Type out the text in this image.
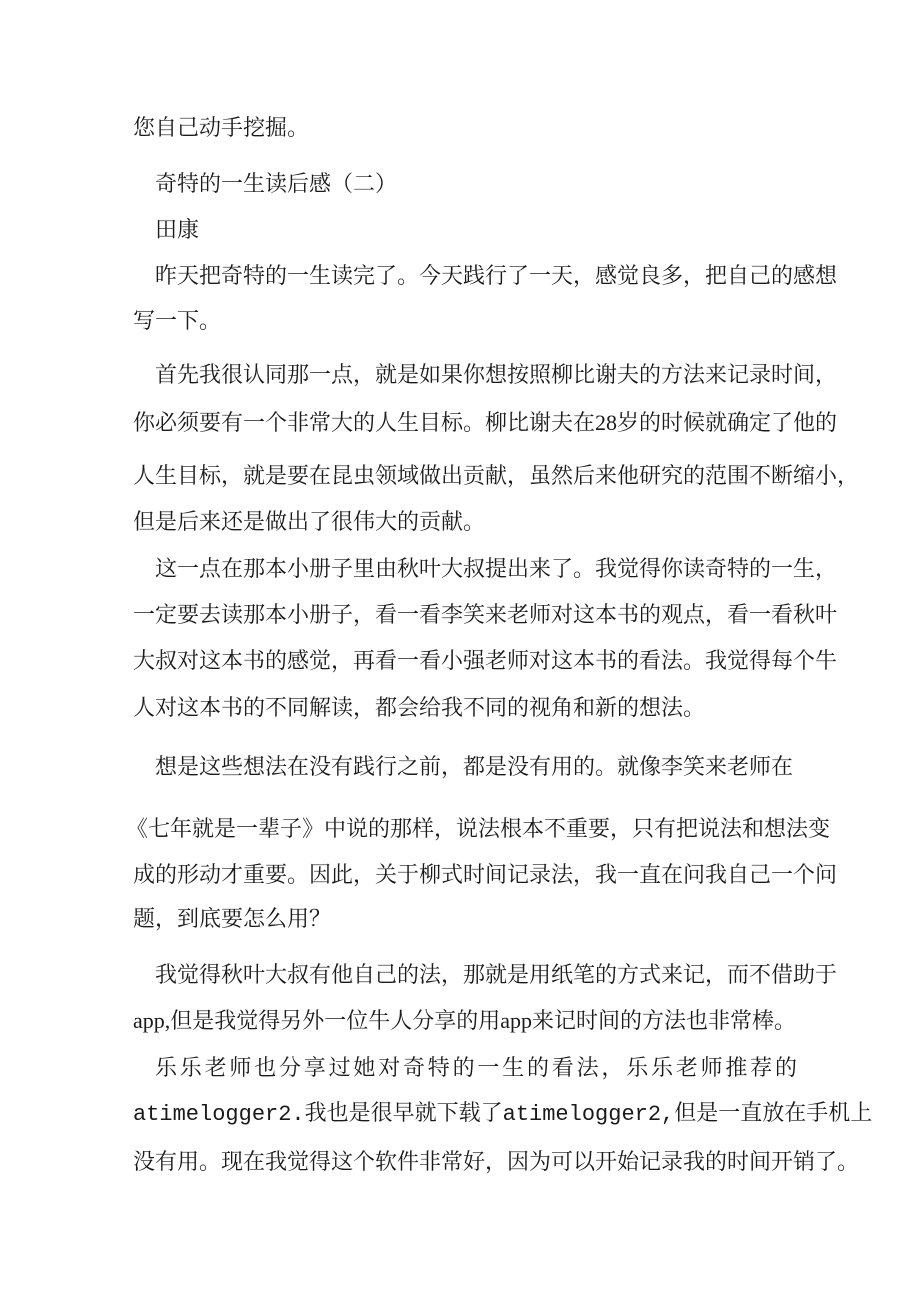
您自己动手挖掘。

奇特的一生读后感（二）

田康

昨天把奇特的一生读完了。今天践行了一天，感觉良多，把自己的感想

写一下。

首先我很认同那一点，就是如果你想按照柳比谢夫的方法来记录时间，

你必须要有一个非常大的人生目标。柳比谢夫在28岁的时候就确定了他的

人生目标，就是要在昆虫领域做出贡献，虽然后来他研究的范围不断缩小，

但是后来还是做出了很伟大的贡献。

这一点在那本小册子里由秋叶大叔提出来了。我觉得你读奇特的一生，

一定要去读那本小册子，看一看李笑来老师对这本书的观点，看一看秋叶

大叔对这本书的感觉，再看一看小强老师对这本书的看法。我觉得每个牛

人对这本书的不同解读，都会给我不同的视角和新的想法。

想是这些想法在没有践行之前，都是没有用的。就像李笑来老师在

《七年就是一辈子》中说的那样，说法根本不重要，只有把说法和想法变

成的形动才重要。因此，关于柳式时间记录法，我一直在问我自己一个问

题，到底要怎么用？

我觉得秋叶大叔有他自己的法，那就是用纸笔的方式来记，而不借助于

app,但是我觉得另外一位牛人分享的用app来记时间的方法也非常棒。

乐乐老师也分享过她对奇特的一生的看法，乐乐老师推荐的

atimelogger2.我也是很早就下载了atimelogger2,但是一直放在手机上

没有用。现在我觉得这个软件非常好，因为可以开始记录我的时间开销了。
